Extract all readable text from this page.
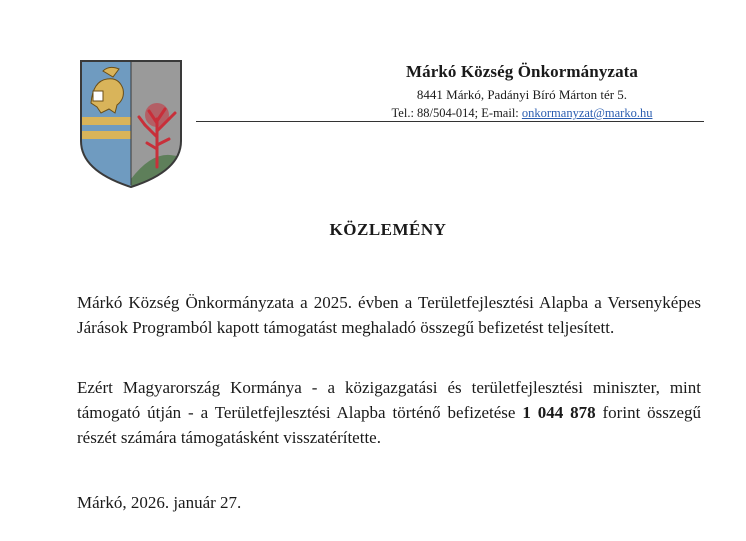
Márkó Község Önkormányzata
8441 Márkó, Padányi Bíró Márton tér 5.
Tel.: 88/504-014; E-mail: onkormanyzat@marko.hu
KÖZLEMÉNY
Márkó Község Önkormányzata a 2025. évben a Területfejlesztési Alapba a Versenyképes Járások Programból kapott támogatást meghaladó összegű befizetést teljesített.
Ezért Magyarország Kormánya - a közigazgatási és területfejlesztési miniszter, mint támogató útján - a Területfejlesztési Alapba történő befizetése 1 044 878 forint összegű részét számára támogatásként visszatérítette.
Márkó, 2026. január 27.
